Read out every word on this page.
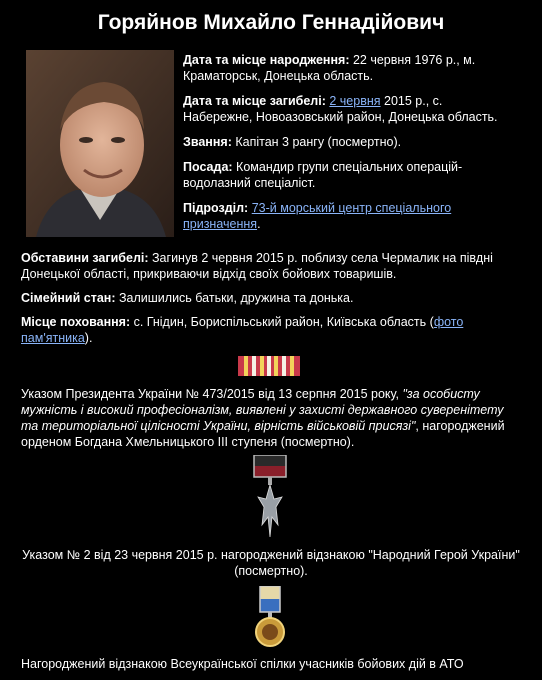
Горяйнов Михайло Геннадійович

Дата та місце народження: 22 червня 1976 р., м. Краматорськ, Донецька область.

Дата та місце загибелі: 2 червня 2015 р., с. Набережне, Новоазовський район, Донецька область.

Звання: Капітан 3 рангу (посмертно).

Посада: Командир групи спеціальних операцій-водолазний спеціаліст.

Підрозділ: 73-й морський центр спеціального призначення.

Обставини загибелі: Загинув 2 червня 2015 р. поблизу села Чермалик на півдні Донецької області, прикриваючи відхід своїх бойових товаришів.

Сімейний стан: Залишились батьки, дружина та донька.

Місце поховання: с. Гнідин, Бориспільський район, Київська область (фото пам'ятника).

Указом Президента України № 473/2015 від 13 серпня 2015 року, "за особисту мужність і високий професіоналізм, виявлені у захисті державного суверенітету та територіальної цілісності України, вірність військовій присязі", нагороджений орденом Богдана Хмельницького ІІІ ступеня (посмертно).

Указом № 2 від 23 червня 2015 р. нагороджений відзнакою "Народний Герой України" (посмертно).

Нагороджений відзнакою Всеукраїнської спілки учасників бойових дій в АТО
